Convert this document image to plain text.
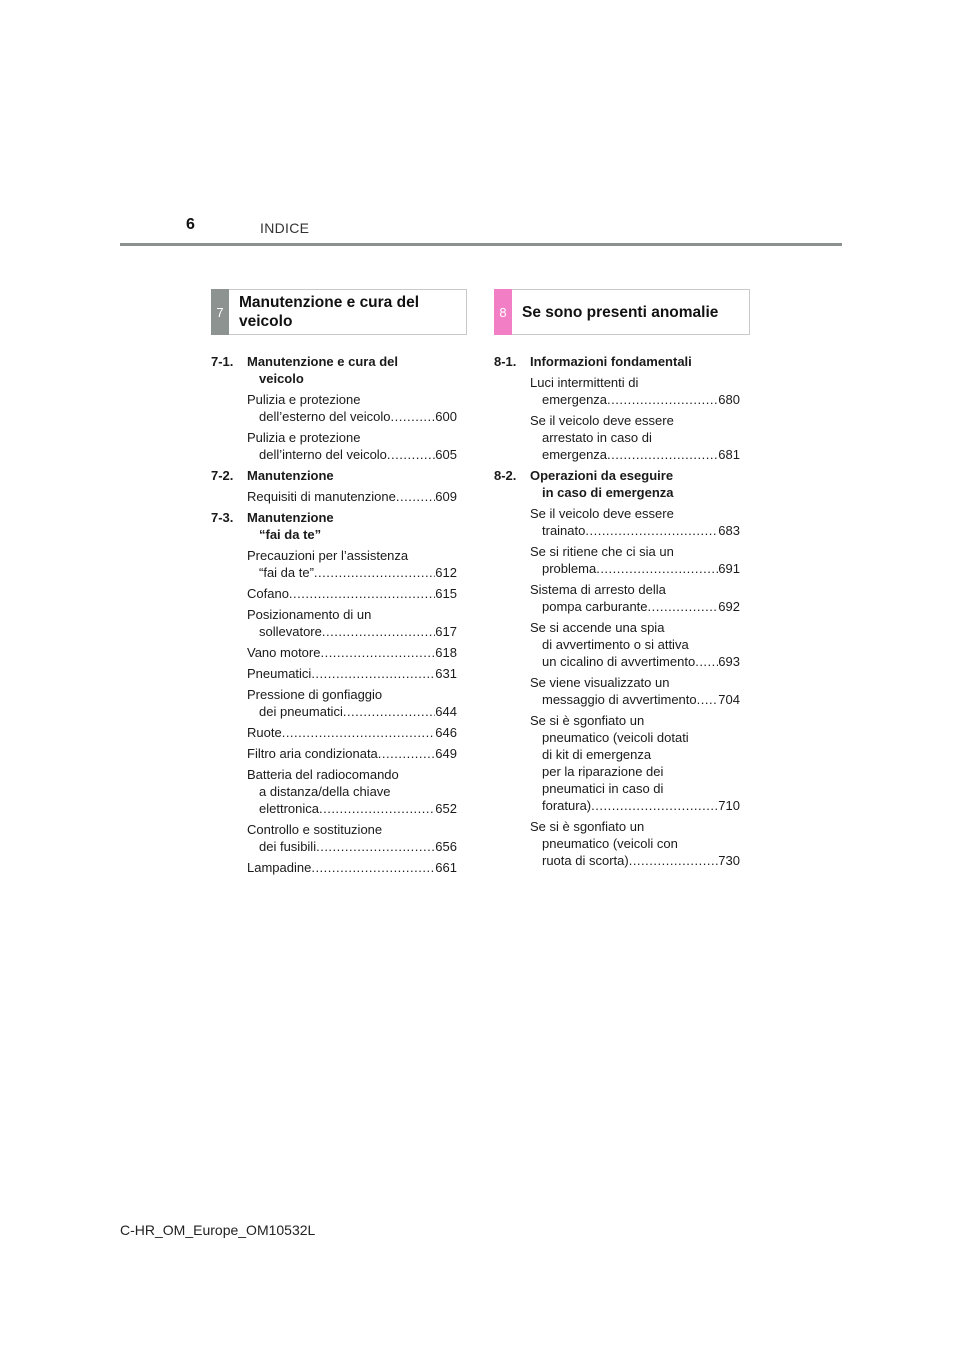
6	INDICE
7
Manutenzione e cura del
veicolo
8 Se sono presenti anomalie
7-1.	Manutenzione e cura del
veicolo
Pulizia e protezione
dell’esterno del veicolo .....	600
Pulizia e protezione
dell’interno del veicolo .....	605
7-2.	Manutenzione
Requisiti di manutenzione .....	609
7-3.	Manutenzione
“fai da te”
Precauzioni per l’assistenza
“fai da te” .....	612
Cofano .....	615
Posizionamento di un
sollevatore .....	617
Vano motore .....	618
Pneumatici .....	631
Pressione di gonfiaggio
dei pneumatici .....	644
Ruote .....	646
Filtro aria condizionata .....	649
Batteria del radiocomando
a distanza/della chiave
elettronica .....	652
Controllo e sostituzione
dei fusibili .....	656
Lampadine .....	661
8-1.	Informazioni fondamentali
Luci intermittenti di
emergenza .....	680
Se il veicolo deve essere
arrestato in caso di
emergenza .....	681
8-2.	Operazioni da eseguire
in caso di emergenza
Se il veicolo deve essere
trainato .....	683
Se si ritiene che ci sia un
problema .....	691
Sistema di arresto della
pompa carburante .....	692
Se si accende una spia
di avvertimento o si attiva
un cicalino di avvertimento ..... 693
Se viene visualizzato un
messaggio di avvertimento ..... 704
Se si è sgonfiato un
pneumatico (veicoli dotati
di kit di emergenza
per la riparazione dei
pneumatici in caso di
foratura) .....	710
Se si è sgonfiato un
pneumatico (veicoli con
ruota di scorta) .....	730
C-HR_OM_Europe_OM10532L
